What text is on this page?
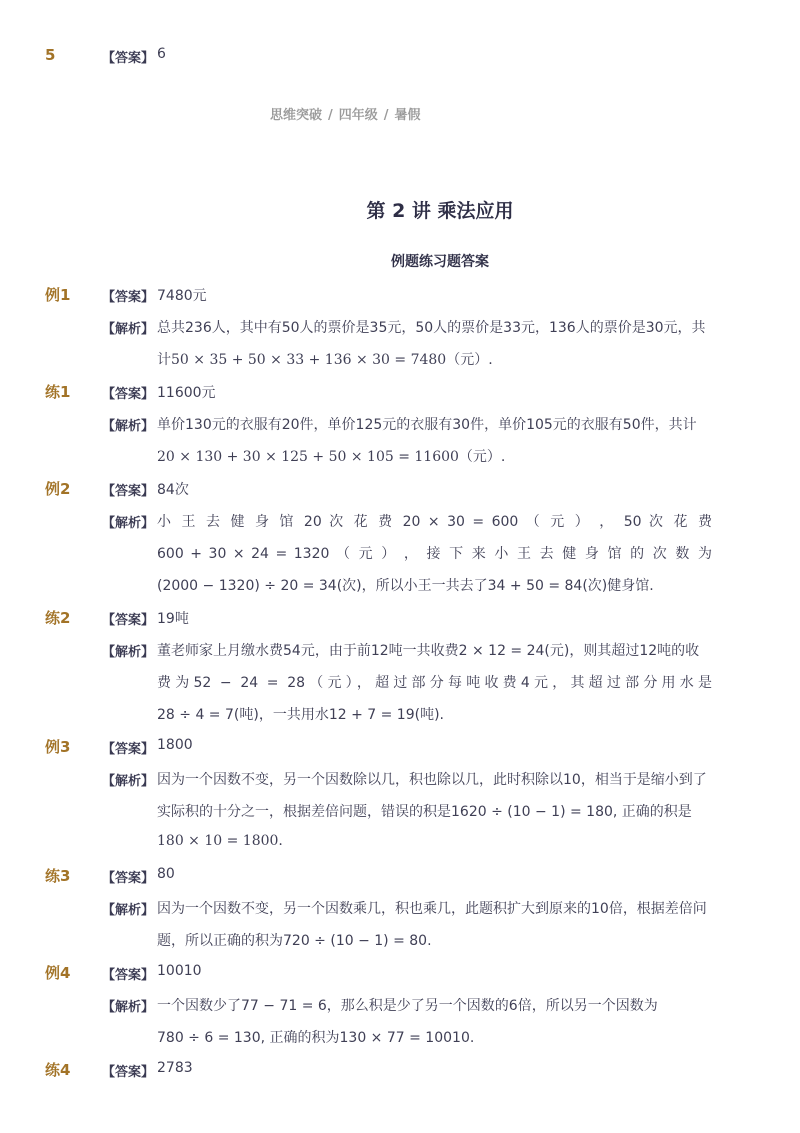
5	【答案】 6
思维突破 / 四年级 / 暑假
第 2 讲 乘法应用
例题练习题答案
例1 【答案】 7480元
【解析】 总共236人，其中有50人的票价是35元，50人的票价是33元，136人的票价是30元，共
计50 × 35 + 50 × 33 + 136 × 30 = 7480（元）.
练1 【答案】 11600元
【解析】 单价130元的衣服有20件，单价125元的衣服有30件，单价105元的衣服有50件，共计
20 × 130 + 30 × 125 + 50 × 105 = 11600（元）.
例2 【答案】 84次
【解析】 小 王 去 健 身 馆 20 次 花 费 20 × 30 = 600 （ 元 ） ， 50 次 花 费
600 + 30 × 24 = 1320 （ 元 ） ， 接 下 来 小 王 去 健 身 馆 的 次 数 为
(2000 − 1320) ÷ 20 = 34(次)，所以小王一共去了34 + 50 = 84(次)健身馆.
练2 【答案】 19吨
【解析】 董老师家上月缴水费54元，由于前12吨一共收费2 × 12 = 24(元)，则其超过12吨的收
费为52 − 24 = 28（元），超过部分每吨收费4元，其超过部分用水是
28 ÷ 4 = 7(吨)，一共用水12 + 7 = 19(吨).
例3 【答案】 1800
【解析】 因为一个因数不变，另一个因数除以几，积也除以几，此时积除以10，相当于是缩小到了
实际积的十分之一，根据差倍问题，错误的积是1620 ÷ (10 − 1) = 180, 正确的积是
180 × 10 = 1800.
练3 【答案】 80
【解析】 因为一个因数不变，另一个因数乘几，积也乘几，此题积扩大到原来的10倍，根据差倍问
题，所以正确的积为720 ÷ (10 − 1) = 80.
例4 【答案】 10010
【解析】 一个因数少了77 − 71 = 6，那么积是少了另一个因数的6倍，所以另一个因数为
780 ÷ 6 = 130, 正确的积为130 × 77 = 10010.
练4 【答案】 2783
